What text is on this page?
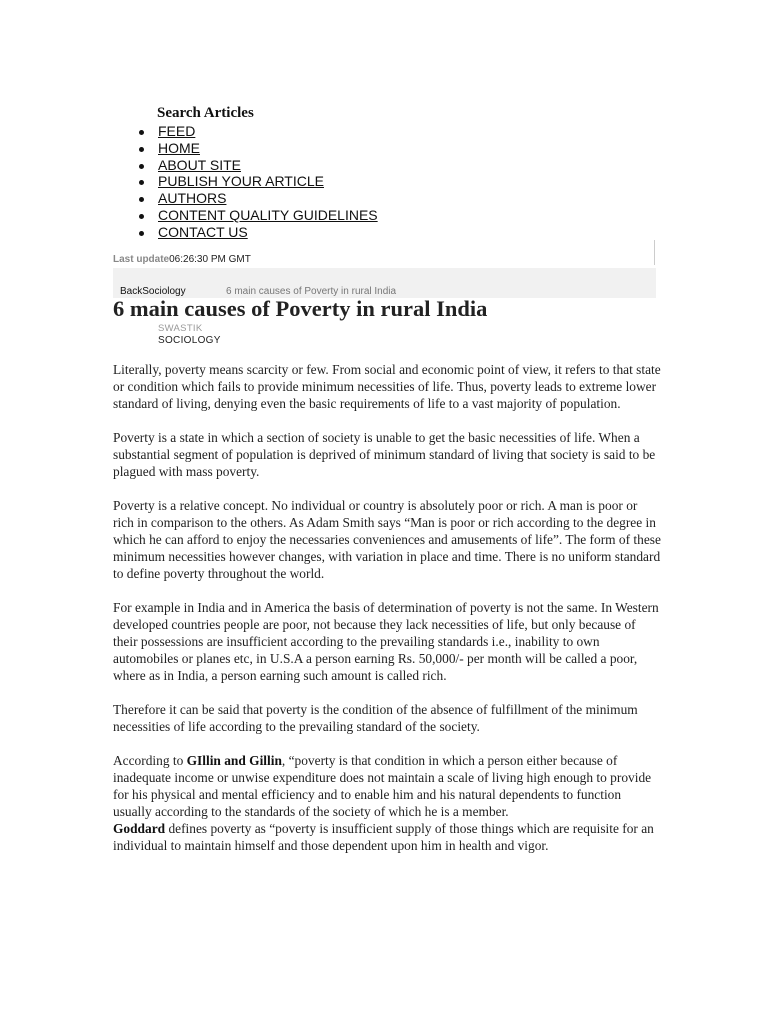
Search Articles
FEED
HOME
ABOUT SITE
PUBLISH YOUR ARTICLE
AUTHORS
CONTENT QUALITY GUIDELINES
CONTACT US
Last update06:26:30 PM GMT
BackSociology	6 main causes of Poverty in rural India
6 main causes of Poverty in rural India
SWASTIK
SOCIOLOGY

Literally, poverty means scarcity or few. From social and economic point of view, it refers to that state or condition which fails to provide minimum necessities of life. Thus, poverty leads to extreme lower standard of living, denying even the basic requirements of life to a vast majority of population.

Poverty is a state in which a section of society is unable to get the basic necessities of life. When a substantial segment of population is deprived of minimum standard of living that society is said to be plagued with mass poverty.

Poverty is a relative concept. No individual or country is absolutely poor or rich. A man is poor or rich in comparison to the others. As Adam Smith says “Man is poor or rich according to the degree in which he can afford to enjoy the necessaries conveniences and amusements of life”. The form of these minimum necessities however changes, with variation in place and time. There is no uniform standard to define poverty throughout the world.

For example in India and in America the basis of determination of poverty is not the same. In Western developed countries people are poor, not because they lack necessities of life, but only because of their possessions are insufficient according to the prevailing standards i.e., inability to own automobiles or planes etc, in U.S.A a person earning Rs. 50,000/- per month will be called a poor, where as in India, a person earning such amount is called rich.

Therefore it can be said that poverty is the condition of the absence of fulfillment of the minimum necessities of life according to the prevailing standard of the society.

According to GIllin and Gillin, “poverty is that condition in which a person either because of inadequate income or unwise expenditure does not maintain a scale of living high enough to provide for his physical and mental efficiency and to enable him and his natural dependents to function usually according to the standards of the society of which he is a member.

Goddard defines poverty as “poverty is insufficient supply of those things which are requisite for an individual to maintain himself and those dependent upon him in health and vigor.
